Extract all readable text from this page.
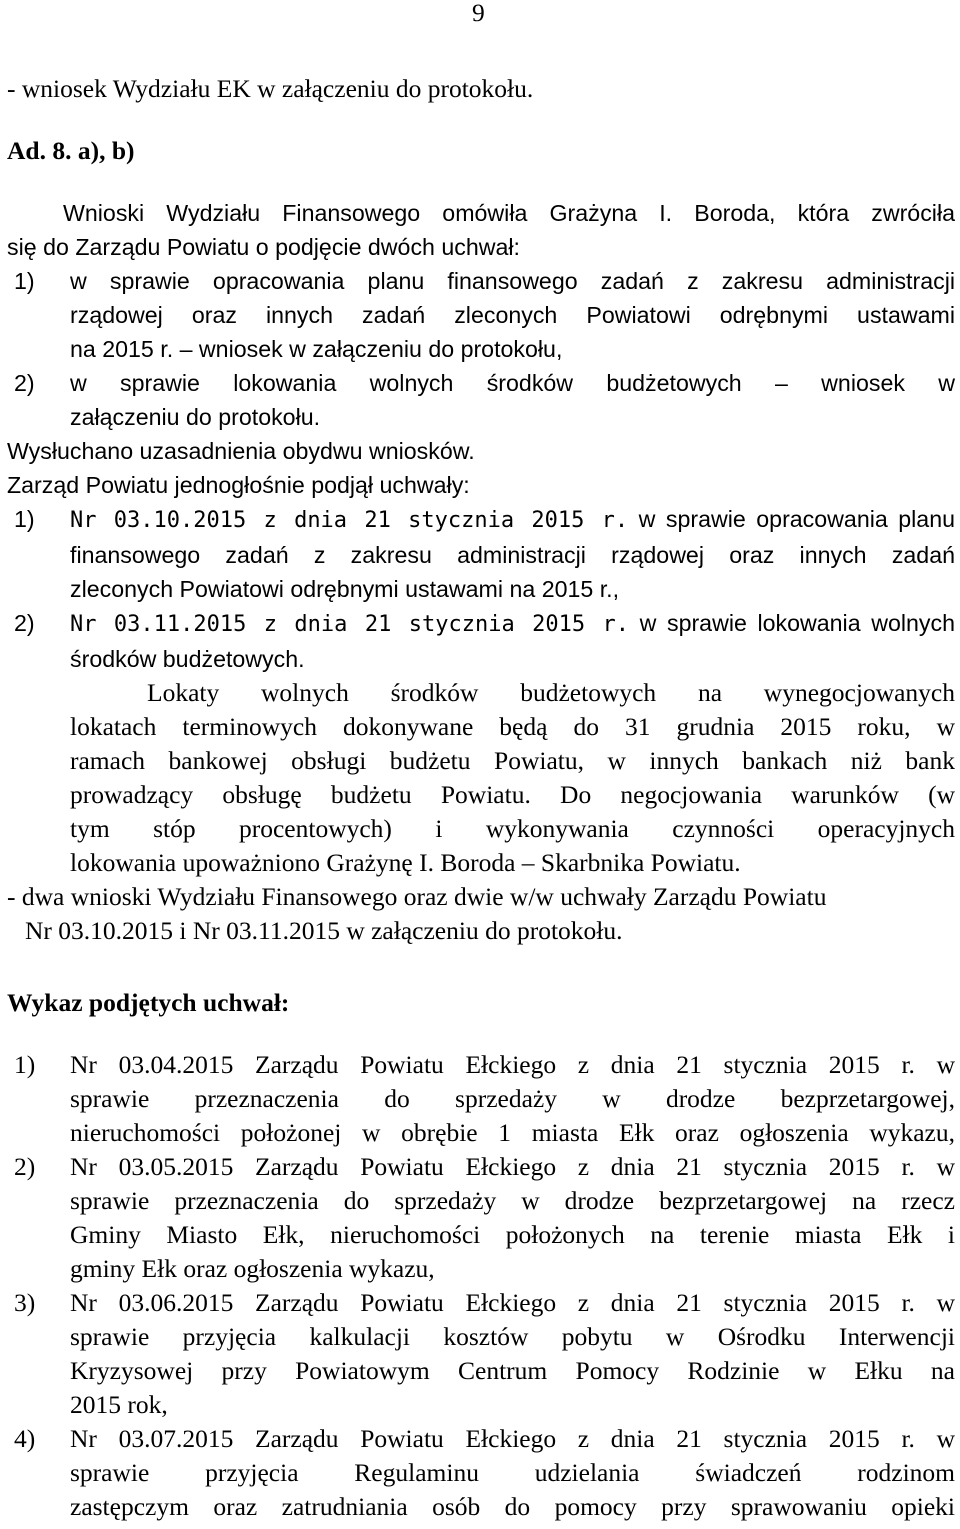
9
- wniosek Wydziału EK w załączeniu do protokołu.
Ad. 8. a), b)
Wnioski Wydziału Finansowego omówiła Grażyna I. Boroda, która zwróciła
się do Zarządu Powiatu o podjęcie dwóch uchwał:
1) w sprawie opracowania planu finansowego zadań z zakresu administracji
rządowej oraz innych zadań zleconych Powiatowi odrębnymi ustawami
na 2015 r. – wniosek w załączeniu do protokołu,
2) w sprawie lokowania wolnych środków budżetowych – wniosek w
załączeniu do protokołu.
Wysłuchano uzasadnienia obydwu wniosków.
Zarząd Powiatu jednogłośnie podjął uchwały:
1) Nr 03.10.2015 z dnia 21 stycznia 2015 r. w sprawie opracowania planu
finansowego zadań z zakresu administracji rządowej oraz innych zadań
zleconych Powiatowi odrębnymi ustawami na 2015 r.,
2) Nr 03.11.2015 z dnia 21 stycznia 2015 r. w sprawie lokowania wolnych
środków budżetowych.
Lokaty wolnych środków budżetowych na wynegocjowanych
lokatach terminowych dokonywane będą do 31 grudnia 2015 roku, w
ramach bankowej obsługi budżetu Powiatu, w innych bankach niż bank
prowadzący obsługę budżetu Powiatu. Do negocjowania warunków (w
tym stóp procentowych) i wykonywania czynności operacyjnych
lokowania upoważniono Grażynę I. Boroda – Skarbnika Powiatu.
- dwa wnioski Wydziału Finansowego oraz dwie w/w uchwały Zarządu Powiatu
Nr 03.10.2015 i Nr 03.11.2015 w załączeniu do protokołu.
Wykaz podjętych uchwał:
1) Nr 03.04.2015 Zarządu Powiatu Ełckiego z dnia 21 stycznia 2015 r. w
sprawie przeznaczenia do sprzedaży w drodze bezprzetargowej,
nieruchomości położonej w obrębie 1 miasta Ełk oraz ogłoszenia wykazu,
2) Nr 03.05.2015 Zarządu Powiatu Ełckiego z dnia 21 stycznia 2015 r. w
sprawie przeznaczenia do sprzedaży w drodze bezprzetargowej na rzecz
Gminy Miasto Ełk, nieruchomości położonych na terenie miasta Ełk i
gminy Ełk oraz ogłoszenia wykazu,
3) Nr 03.06.2015 Zarządu Powiatu Ełckiego z dnia 21 stycznia 2015 r. w
sprawie przyjęcia kalkulacji kosztów pobytu w Ośrodku Interwencji
Kryzysowej przy Powiatowym Centrum Pomocy Rodzinie w Ełku na
2015 rok,
4) Nr 03.07.2015 Zarządu Powiatu Ełckiego z dnia 21 stycznia 2015 r. w
sprawie przyjęcia Regulaminu udzielania świadczeń rodzinom
zastępczym oraz zatrudniania osób do pomocy przy sprawowaniu opieki
